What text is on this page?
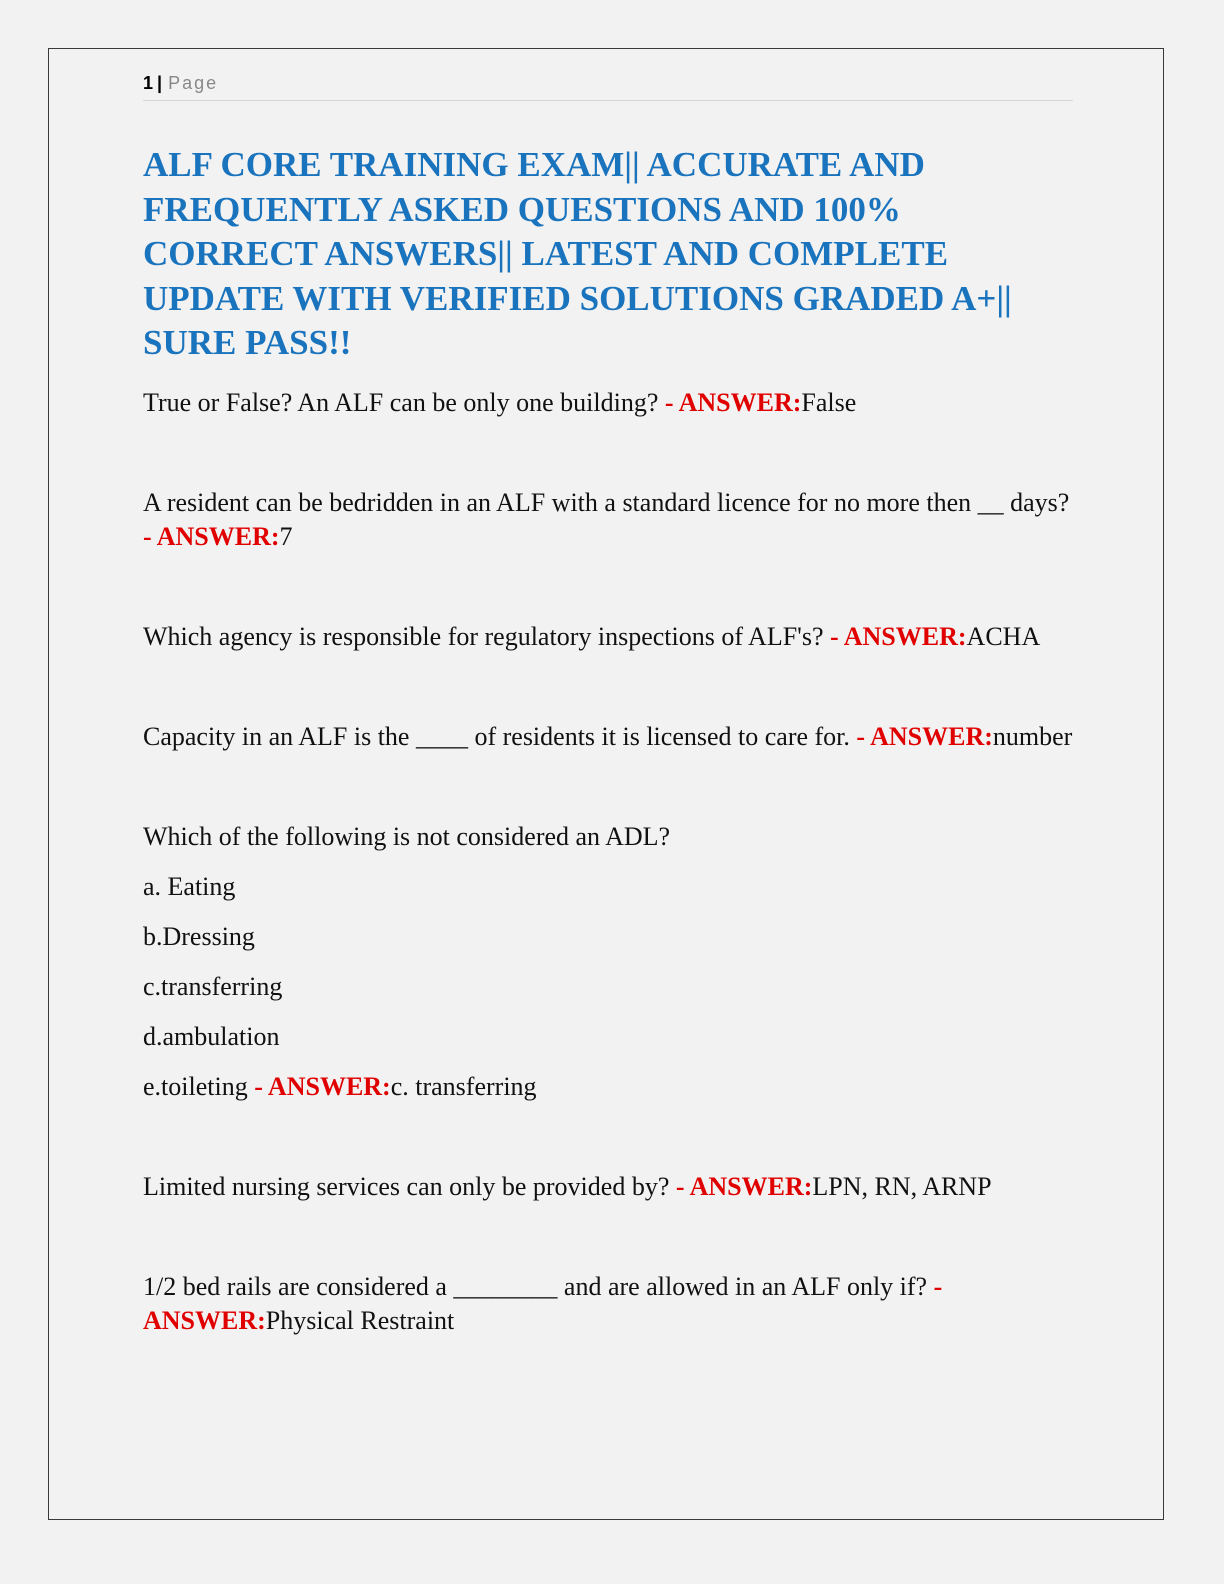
1 | Page
ALF CORE TRAINING EXAM|| ACCURATE AND FREQUENTLY ASKED QUESTIONS AND 100% CORRECT ANSWERS|| LATEST AND COMPLETE UPDATE WITH VERIFIED SOLUTIONS GRADED A+|| SURE PASS!!
True or False? An ALF can be only one building? - ANSWER:False
A resident can be bedridden in an ALF with a standard licence for no more then __ days? - ANSWER:7
Which agency is responsible for regulatory inspections of ALF's? - ANSWER:ACHA
Capacity in an ALF is the ____ of residents it is licensed to care for. - ANSWER:number
Which of the following is not considered an ADL?
a. Eating
b.Dressing
c.transferring
d.ambulation
e.toileting - ANSWER:c. transferring
Limited nursing services can only be provided by? - ANSWER:LPN, RN, ARNP
1/2 bed rails are considered a ________ and are allowed in an ALF only if? - ANSWER:Physical Restraint
